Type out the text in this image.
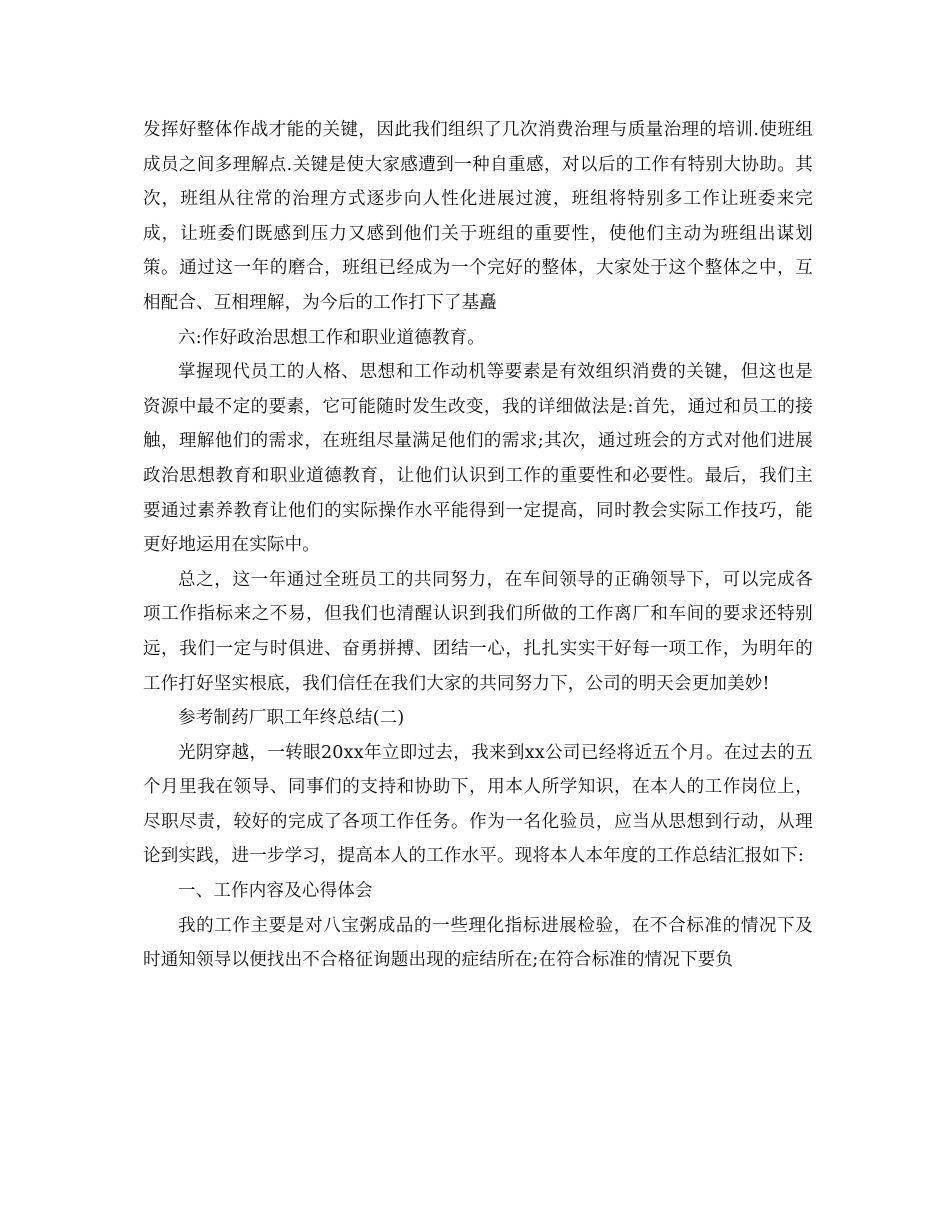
发挥好整体作战才能的关键，因此我们组织了几次消费治理与质量治理的培训.使班组成员之间多理解点.关键是使大家感遭到一种自重感，对以后的工作有特别大协助。其次，班组从往常的治理方式逐步向人性化进展过渡，班组将特别多工作让班委来完成，让班委们既感到压力又感到他们关于班组的重要性，使他们主动为班组出谋划策。通过这一年的磨合，班组已经成为一个完好的整体，大家处于这个整体之中，互相配合、互相理解，为今后的工作打下了基矗

六:作好政治思想工作和职业道德教育。

掌握现代员工的人格、思想和工作动机等要素是有效组织消费的关键，但这也是资源中最不定的要素，它可能随时发生改变，我的详细做法是:首先，通过和员工的接触，理解他们的需求，在班组尽量满足他们的需求;其次，通过班会的方式对他们进展政治思想教育和职业道德教育，让他们认识到工作的重要性和必要性。最后，我们主要通过素养教育让他们的实际操作水平能得到一定提高，同时教会实际工作技巧，能更好地运用在实际中。

总之，这一年通过全班员工的共同努力，在车间领导的正确领导下，可以完成各项工作指标来之不易，但我们也清醒认识到我们所做的工作离厂和车间的要求还特别远，我们一定与时俱进、奋勇拼搏、团结一心，扎扎实实干好每一项工作，为明年的工作打好坚实根底，我们信任在我们大家的共同努力下，公司的明天会更加美妙!

参考制药厂职工年终总结(二)

光阴穿越，一转眼20xx年立即过去，我来到xx公司已经将近五个月。在过去的五个月里我在领导、同事们的支持和协助下，用本人所学知识，在本人的工作岗位上，尽职尽责，较好的完成了各项工作任务。作为一名化验员，应当从思想到行动，从理论到实践，进一步学习，提高本人的工作水平。现将本人本年度的工作总结汇报如下:

一、工作内容及心得体会

我的工作主要是对八宝粥成品的一些理化指标进展检验，在不合标准的情况下及时通知领导以便找出不合格征询题出现的症结所在;在符合标准的情况下要负
